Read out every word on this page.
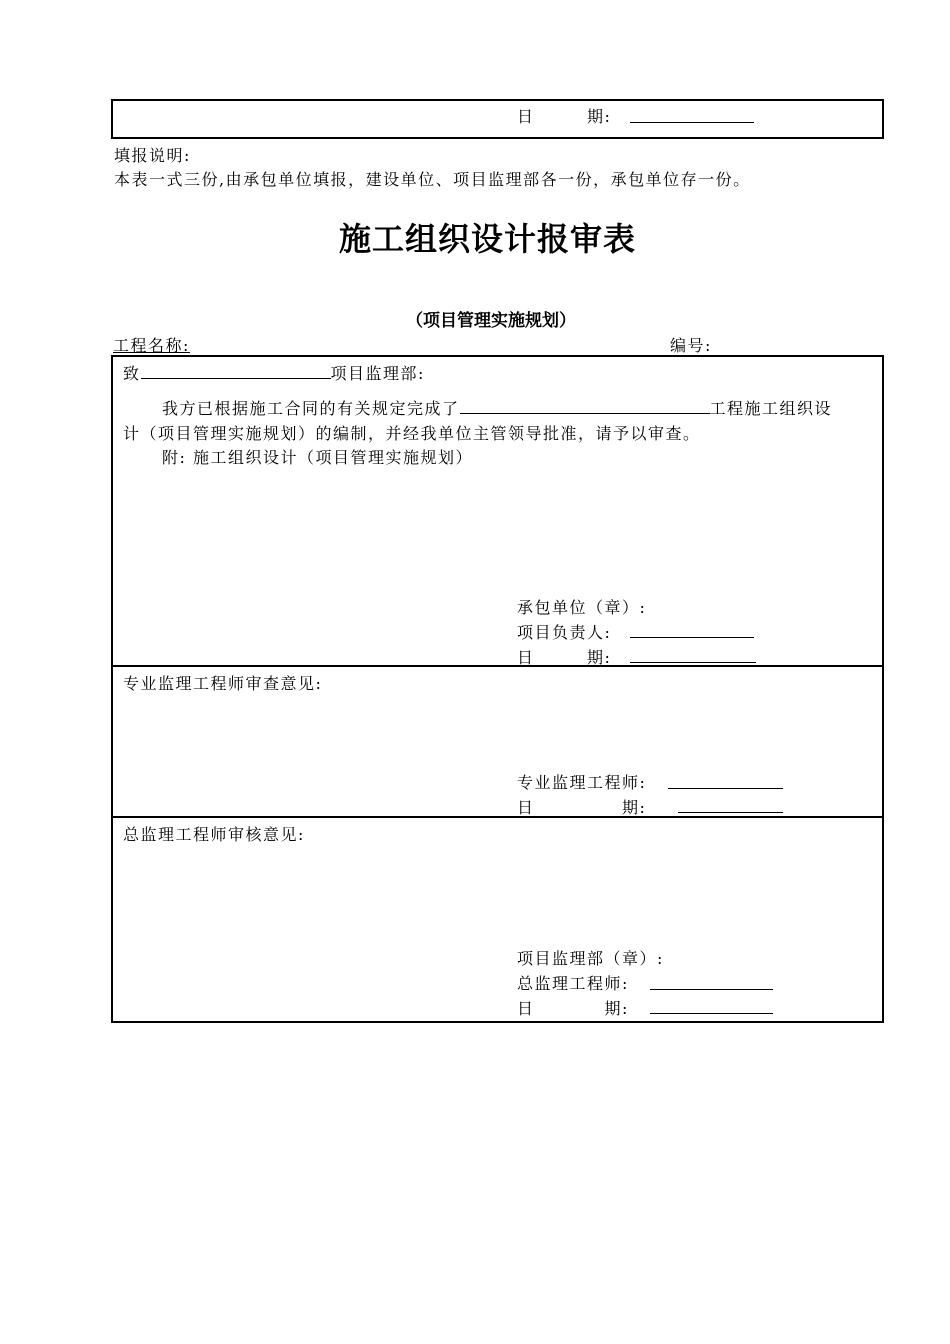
日　　　期:
填报说明:
本表一式三份,由承包单位填报，建设单位、项目监理部各一份，承包单位存一份。
施工组织设计报审表
（项目管理实施规划）
工程名称:	编号:
致	项目监理部:
我方已根据施工合同的有关规定完成了	工程施工组织设
计（项目管理实施规划）的编制，并经我单位主管领导批准，请予以审查。
附: 施工组织设计（项目管理实施规划）
承包单位（章）:
项目负责人:
日　　　期:
专业监理工程师审查意见:
专业监理工程师:
日　　　　　期:
总监理工程师审核意见:
项目监理部（章）:
总监理工程师:
日　　　　期:
